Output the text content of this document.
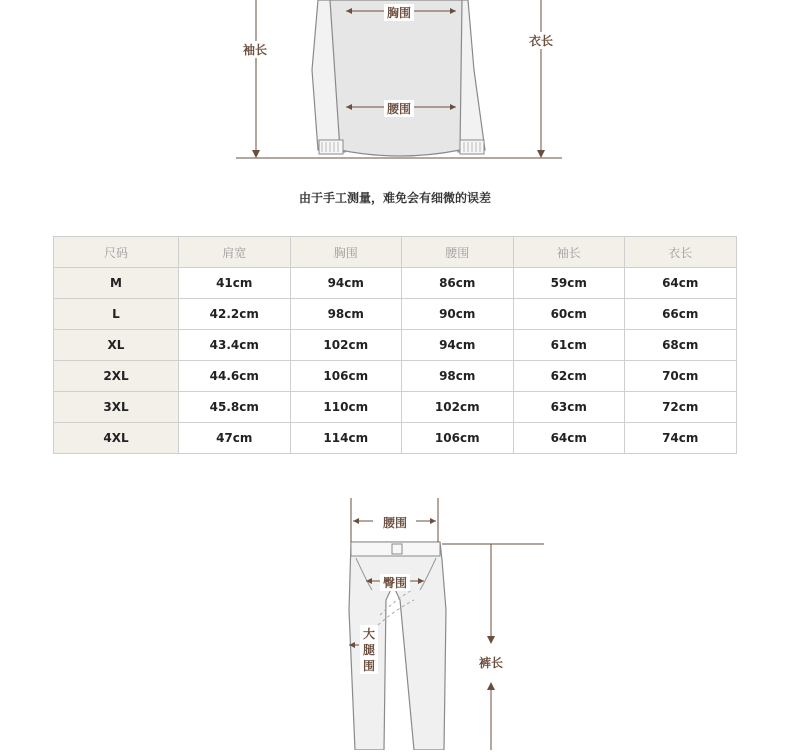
胸围
腰围
袖长
衣长
由于手工测量，难免会有细微的误差
尺码	肩宽	胸围	腰围	袖长	衣长
M	41cm	94cm	86cm	59cm	64cm
L	42.2cm	98cm	90cm	60cm	66cm
XL	43.4cm	102cm	94cm	61cm	68cm
2XL	44.6cm	106cm	98cm	62cm	70cm
3XL	45.8cm	110cm	102cm	63cm	72cm
4XL	47cm	114cm	106cm	64cm	74cm
腰围
臀围
大
腿
围	裤长
